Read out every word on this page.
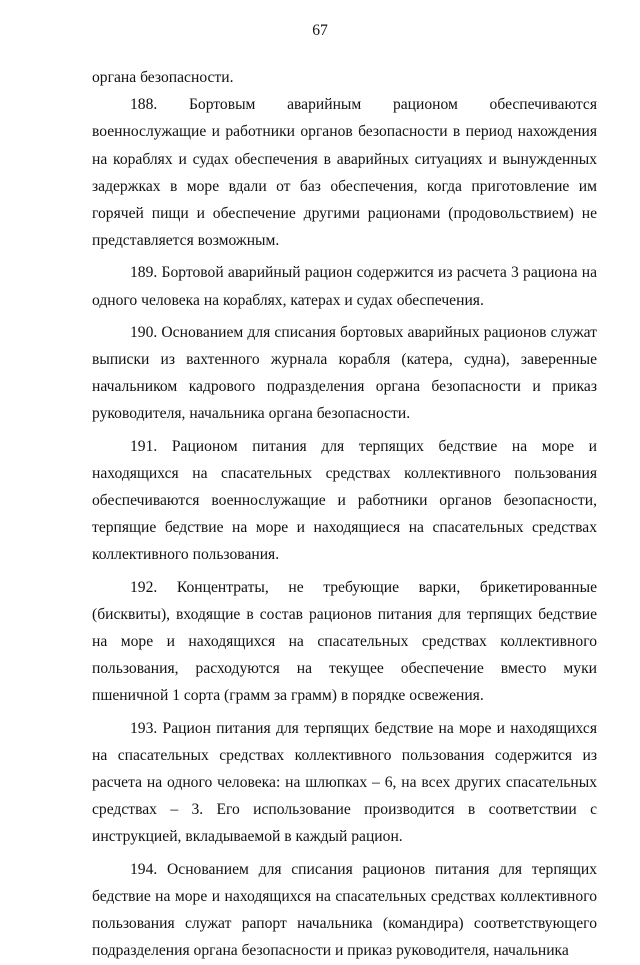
67

органа безопасности.

188. Бортовым аварийным рационом обеспечиваются военнослужащие и работники органов безопасности в период нахождения на кораблях и судах обеспечения в аварийных ситуациях и вынужденных задержках в море вдали от баз обеспечения, когда приготовление им горячей пищи и обеспечение другими рационами (продовольствием) не представляется возможным.

189. Бортовой аварийный рацион содержится из расчета 3 рациона на одного человека на кораблях, катерах и судах обеспечения.

190. Основанием для списания бортовых аварийных рационов служат выписки из вахтенного журнала корабля (катера, судна), заверенные начальником кадрового подразделения органа безопасности и приказ руководителя, начальника органа безопасности.

191. Рационом питания для терпящих бедствие на море и находящихся на спасательных средствах коллективного пользования обеспечиваются военнослужащие и работники органов безопасности, терпящие бедствие на море и находящиеся на спасательных средствах коллективного пользования.

192. Концентраты, не требующие варки, брикетированные (бисквиты), входящие в состав рационов питания для терпящих бедствие на море и находящихся на спасательных средствах коллективного пользования, расходуются на текущее обеспечение вместо муки пшеничной 1 сорта (грамм за грамм) в порядке освежения.

193. Рацион питания для терпящих бедствие на море и находящихся на спасательных средствах коллективного пользования содержится из расчета на одного человека: на шлюпках – 6, на всех других спасательных средствах – 3. Его использование производится в соответствии с инструкцией, вкладываемой в каждый рацион.

194. Основанием для списания рационов питания для терпящих бедствие на море и находящихся на спасательных средствах коллективного пользования служат рапорт начальника (командира) соответствующего подразделения органа безопасности и приказ руководителя, начальника
